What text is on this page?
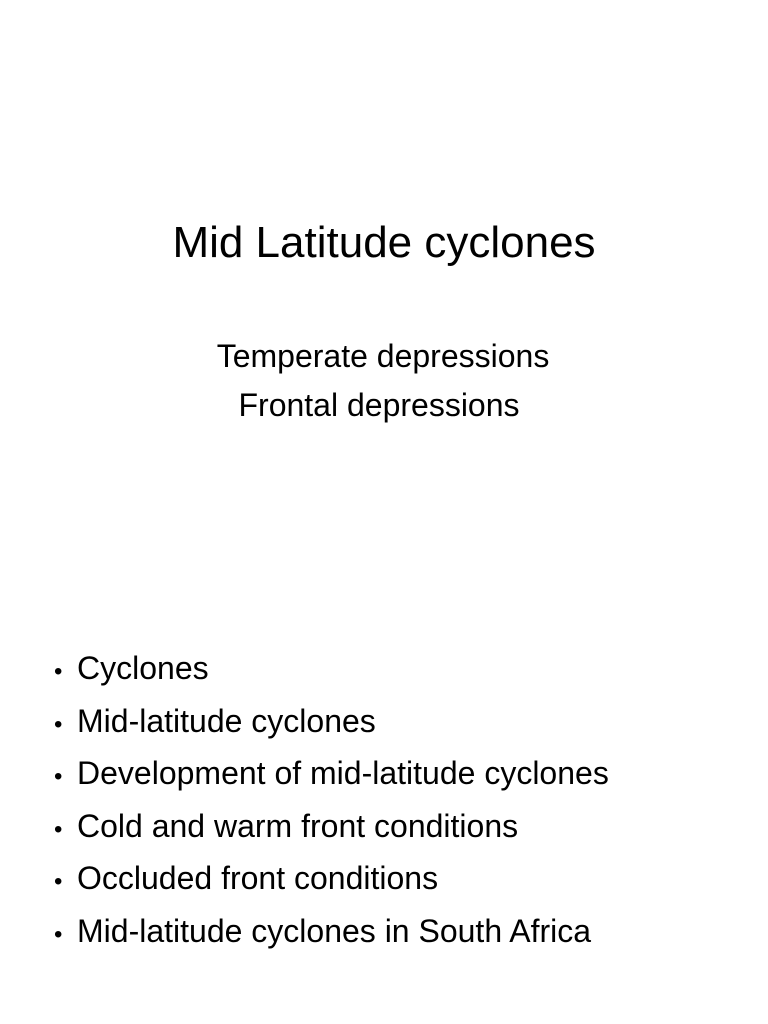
Mid Latitude cyclones
Temperate depressions
Frontal depressions
• Cyclones
• Mid-latitude cyclones
• Development of mid-latitude cyclones
• Cold and warm front conditions
• Occluded front conditions
• Mid-latitude cyclones in South Africa
